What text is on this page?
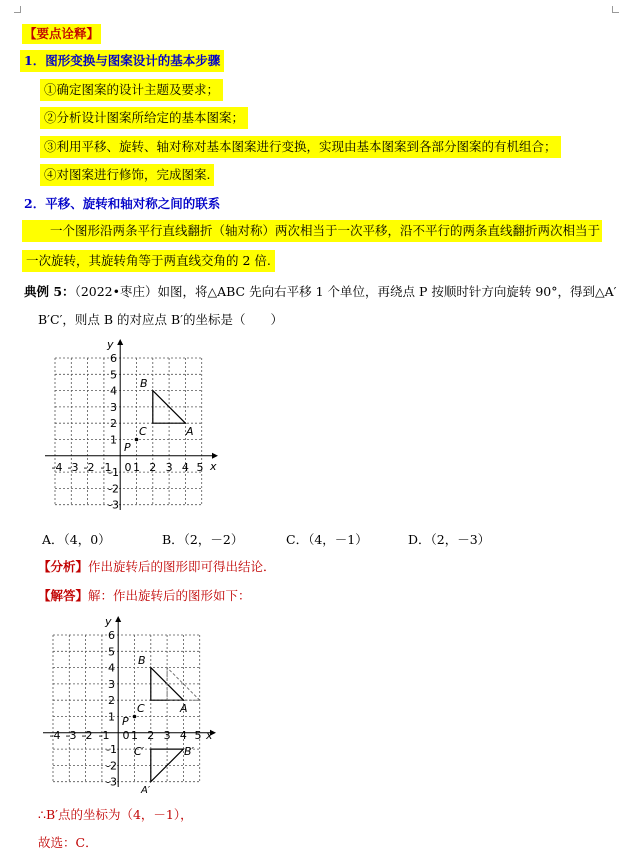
【要点诠释】
1．图形变换与图案设计的基本步骤
①确定图案的设计主题及要求；
②分析设计图案所给定的基本图案；
③利用平移、旋转、轴对称对基本图案进行变换，实现由基本图案到各部分图案的有机组合；
④对图案进行修饰，完成图案.
2．平移、旋转和轴对称之间的联系
一个图形沿两条平行直线翻折（轴对称）两次相当于一次平移，沿不平行的两条直线翻折两次相当于
一次旋转，其旋转角等于两直线交角的 2 倍.
典例 5：（2022•枣庄）如图，将△ABC 先向右平移 1 个单位，再绕点 P 按顺时针方向旋转 90°，得到△A′
B′C′，则点 B 的对应点 B′的坐标是（　　）
x
y
-4 -3 -2 -1 0 1 2 3 4 5
6
5
4
3
2
1
-1
-2
-3
B
C	A
P
A．（4，0）	B．（2，－2）	C．（4，－1）	D．（2，－3）
【分析】作出旋转后的图形即可得出结论．
【解答】解：作出旋转后的图形如下：
x
y
-4 -3 -2 -1 0 1 2 3 4 5
6
5
4
3
2
1
-1
-2
-3
B
C	A
P
C′	B′
A′
∴B′点的坐标为（4，－1），
故选：C．
